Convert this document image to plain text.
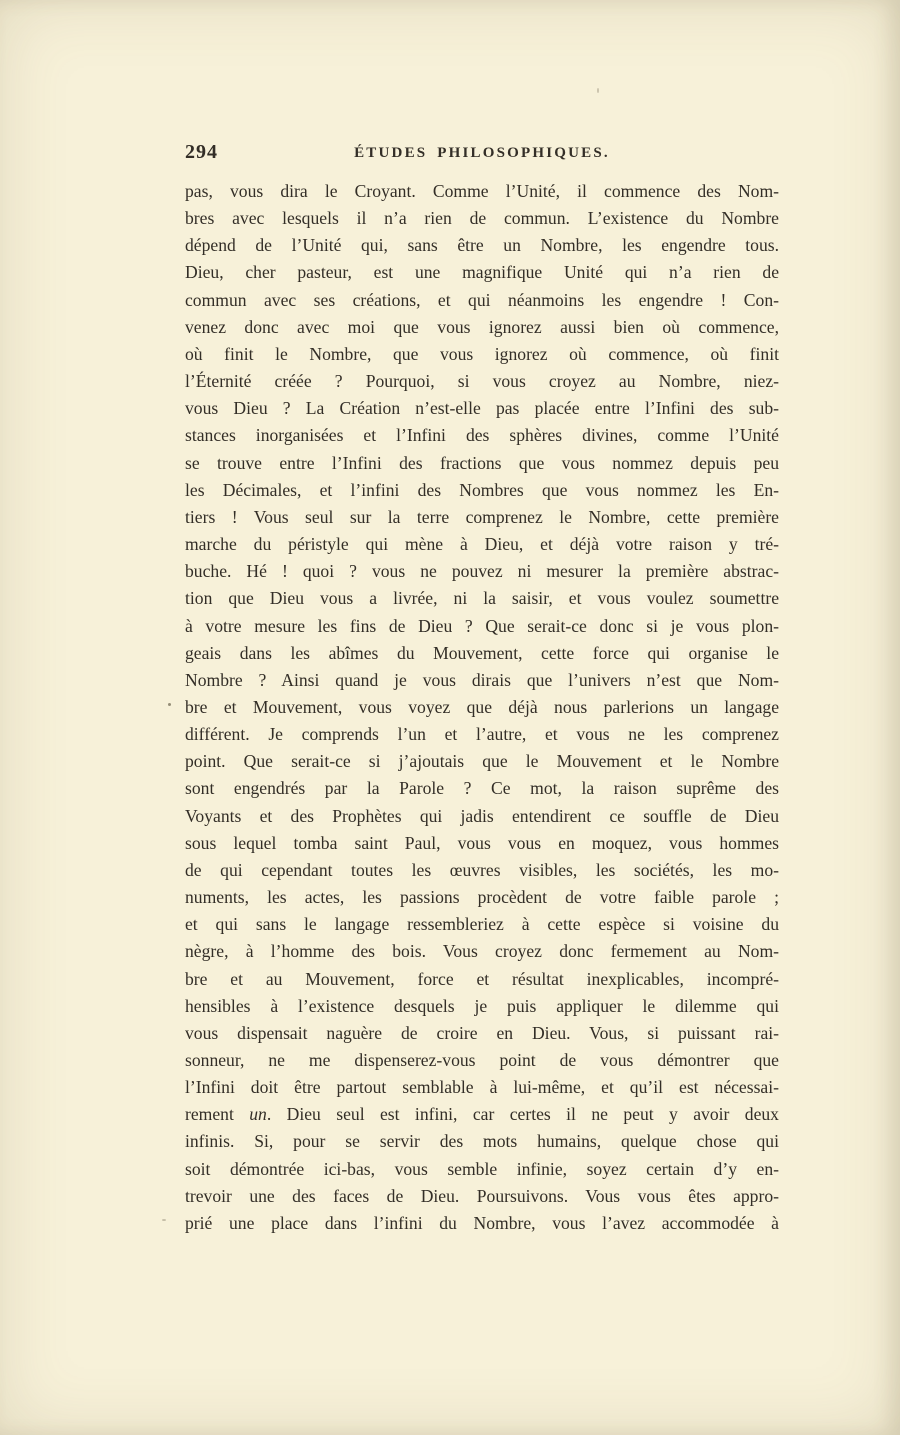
294	ÉTUDES PHILOSOPHIQUES.
pas, vous dira le Croyant. Comme l’Unité, il commence des Nom-
bres avec lesquels il n’a rien de commun. L’existence du Nombre
dépend de l’Unité qui, sans être un Nombre, les engendre tous.
Dieu, cher pasteur, est une magnifique Unité qui n’a rien de
commun avec ses créations, et qui néanmoins les engendre ! Con-
venez donc avec moi que vous ignorez aussi bien où commence,
où finit le Nombre, que vous ignorez où commence, où finit
l’Éternité créée ? Pourquoi, si vous croyez au Nombre, niez-
vous Dieu ? La Création n’est-elle pas placée entre l’Infini des sub-
stances inorganisées et l’Infini des sphères divines, comme l’Unité
se trouve entre l’Infini des fractions que vous nommez depuis peu
les Décimales, et l’infini des Nombres que vous nommez les En-
tiers ! Vous seul sur la terre comprenez le Nombre, cette première
marche du péristyle qui mène à Dieu, et déjà votre raison y tré-
buche. Hé ! quoi ? vous ne pouvez ni mesurer la première abstrac-
tion que Dieu vous a livrée, ni la saisir, et vous voulez soumettre
à votre mesure les fins de Dieu ? Que serait-ce donc si je vous plon-
geais dans les abîmes du Mouvement, cette force qui organise le
Nombre ? Ainsi quand je vous dirais que l’univers n’est que Nom-
bre et Mouvement, vous voyez que déjà nous parlerions un langage
différent. Je comprends l’un et l’autre, et vous ne les comprenez
point. Que serait-ce si j’ajoutais que le Mouvement et le Nombre
sont engendrés par la Parole ? Ce mot, la raison suprême des
Voyants et des Prophètes qui jadis entendirent ce souffle de Dieu
sous lequel tomba saint Paul, vous vous en moquez, vous hommes
de qui cependant toutes les œuvres visibles, les sociétés, les mo-
numents, les actes, les passions procèdent de votre faible parole ;
et qui sans le langage ressembleriez à cette espèce si voisine du
nègre, à l’homme des bois. Vous croyez donc fermement au Nom-
bre et au Mouvement, force et résultat inexplicables, incompré-
hensibles à l’existence desquels je puis appliquer le dilemme qui
vous dispensait naguère de croire en Dieu. Vous, si puissant rai-
sonneur, ne me dispenserez-vous point de vous démontrer que
l’Infini doit être partout semblable à lui-même, et qu’il est nécessai-
rement un. Dieu seul est infini, car certes il ne peut y avoir deux
infinis. Si, pour se servir des mots humains, quelque chose qui
soit démontrée ici-bas, vous semble infinie, soyez certain d’y en-
trevoir une des faces de Dieu. Poursuivons. Vous vous êtes appro-
prié une place dans l’infini du Nombre, vous l’avez accommodée à
